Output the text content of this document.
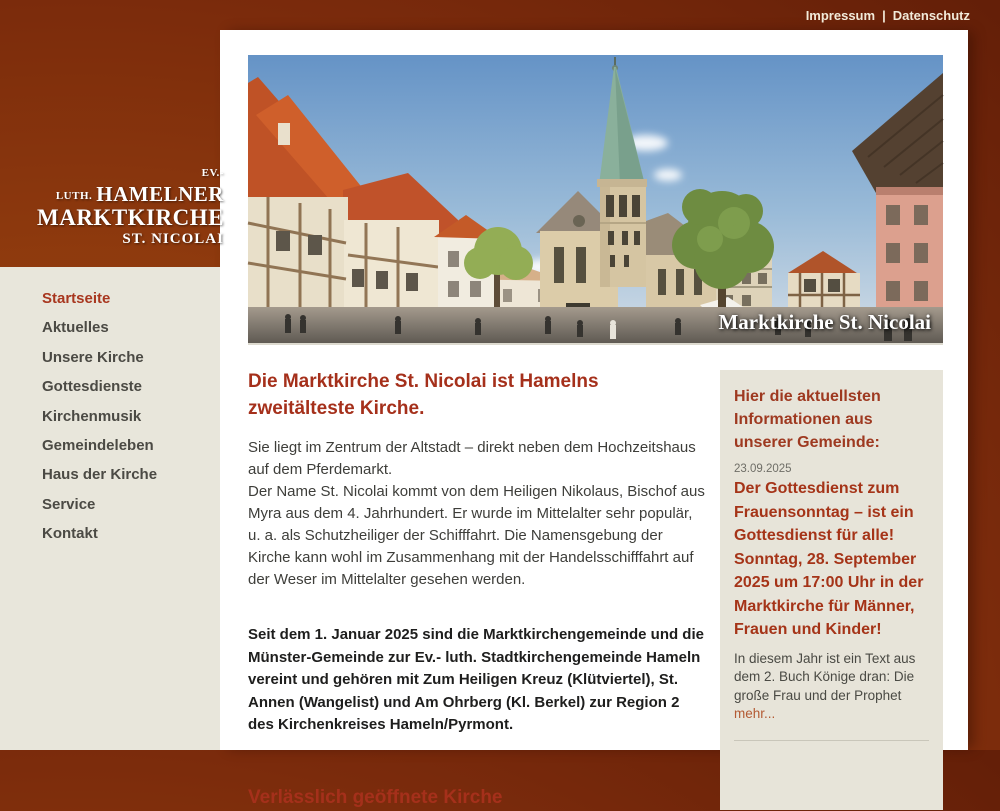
Impressum | Datenschutz
Marktkirche St. Nicolai
Die Marktkirche St. Nicolai ist Hamelns zweitälteste Kirche.

Sie liegt im Zentrum der Altstadt – direkt neben dem Hochzeitshaus auf dem Pferdemarkt.
Der Name St. Nicolai kommt von dem Heiligen Nikolaus, Bischof aus Myra aus dem 4. Jahrhundert. Er wurde im Mittelalter sehr populär, u. a. als Schutzheiliger der Schifffahrt. Die Namensgebung der Kirche kann wohl im Zusammenhang mit der Handelsschifffahrt auf der Weser im Mittelalter gesehen werden.

Seit dem 1. Januar 2025 sind die Marktkirchengemeinde und die Münster-Gemeinde zur Ev.- luth. Stadtkirchengemeinde Hameln vereint und gehören mit Zum Heiligen Kreuz (Klütviertel), St. Annen (Wangelist) und Am Ohrberg (Kl. Berkel) zur Region 2 des Kirchenkreises Hameln/Pyrmont.

Verlässlich geöffnete Kirche
Hier die aktuellsten Informationen aus unserer Gemeinde:
23.09.2025
Der Gottesdienst zum Frauensonntag – ist ein Gottesdienst für alle! Sonntag, 28. September 2025 um 17:00 Uhr in der Marktkirche für Männer, Frauen und Kinder!
In diesem Jahr ist ein Text aus dem 2. Buch Könige dran: Die große Frau und der Prophet
mehr...
EV.-LUTH. HAMELNER
MARKTKIRCHE
ST. NICOLAI
Startseite
Aktuelles
Unsere Kirche
Gottesdienste
Kirchenmusik
Gemeindeleben
Haus der Kirche
Service
Kontakt
